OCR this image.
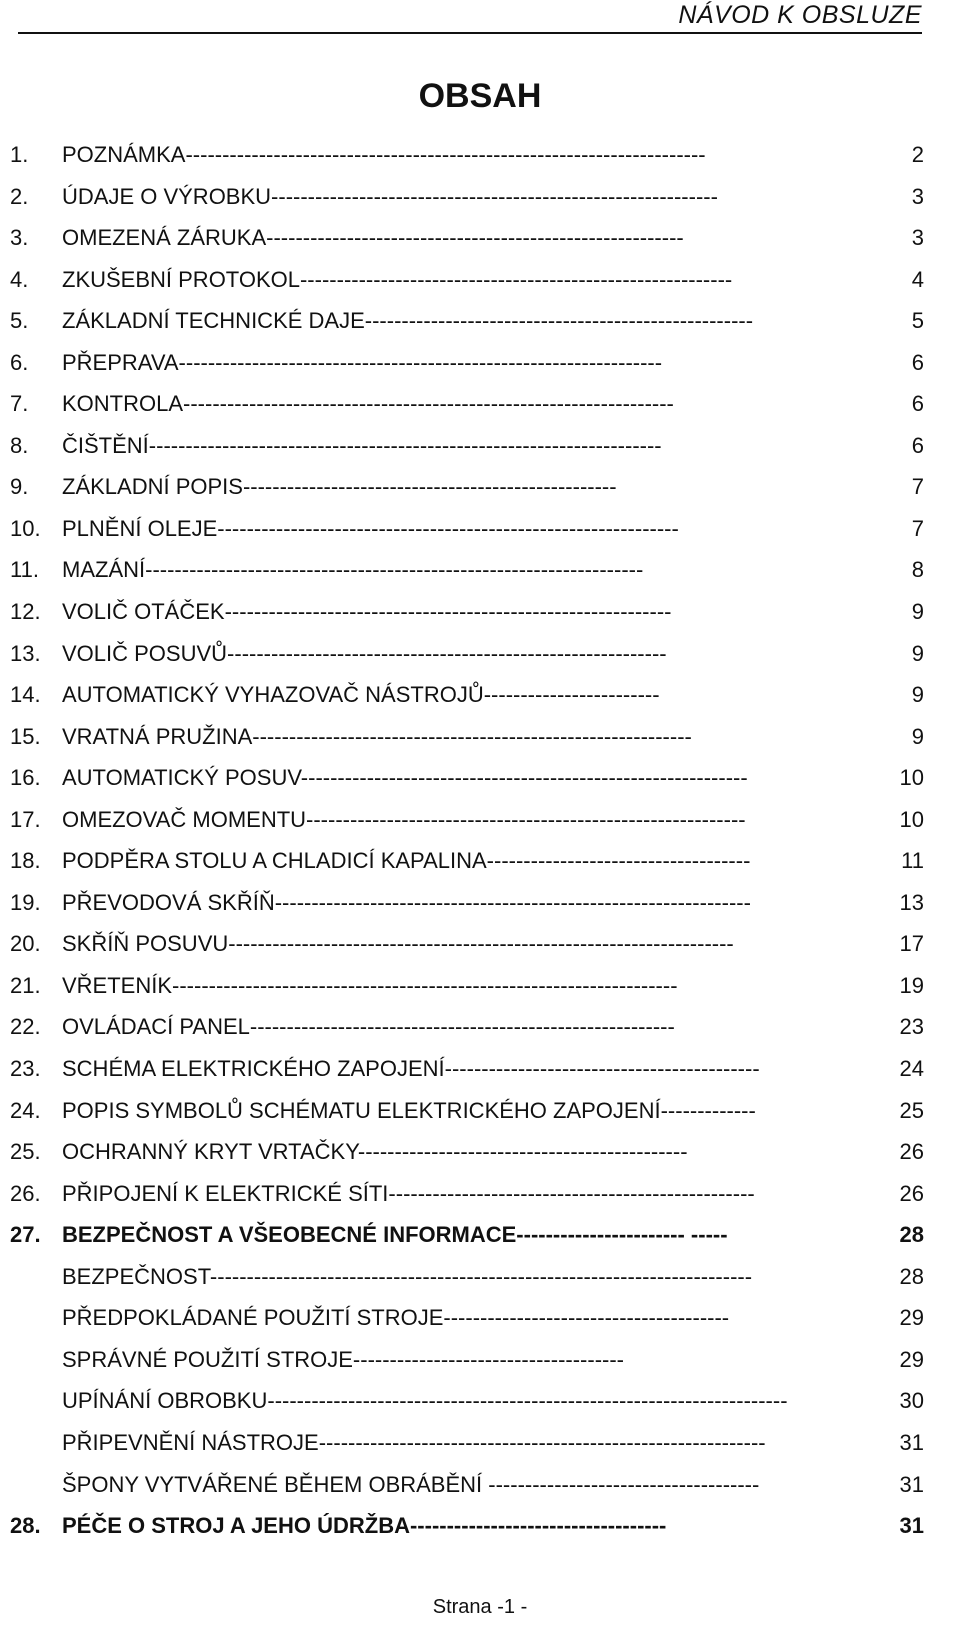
NÁVOD K OBSLUZE
OBSAH
1. POZNÁMKA-----------------------------------------------------------------------	2
2. ÚDAJE O VÝROBKU-------------------------------------------------------------	3
3. OMEZENÁ ZÁRUKA---------------------------------------------------------	3
4. ZKUŠEBNÍ PROTOKOL-----------------------------------------------------------	4
5. ZÁKLADNÍ TECHNICKÉ DAJE-----------------------------------------------------	5
6. PŘEPRAVA------------------------------------------------------------------	6
7. KONTROLA-------------------------------------------------------------------	6
8. ČIŠTĚNÍ----------------------------------------------------------------------	6
9. ZÁKLADNÍ POPIS---------------------------------------------------	7
10. PLNĚNÍ OLEJE---------------------------------------------------------------	7
11. MAZÁNÍ--------------------------------------------------------------------	8
12. VOLIČ OTÁČEK-------------------------------------------------------------	9
13. VOLIČ POSUVŮ------------------------------------------------------------	9
14. AUTOMATICKÝ VYHAZOVAČ NÁSTROJŮ------------------------	9
15. VRATNÁ PRUŽINA------------------------------------------------------------	9
16. AUTOMATICKÝ POSUV-------------------------------------------------------------	10
17. OMEZOVAČ MOMENTU------------------------------------------------------------	10
18. PODPĚRA STOLU A CHLADICÍ KAPALINA------------------------------------	11
19. PŘEVODOVÁ SKŘÍŇ-----------------------------------------------------------------	13
20. SKŘÍŇ POSUVU---------------------------------------------------------------------	17
21. VŘETENÍK---------------------------------------------------------------------	19
22. OVLÁDACÍ PANEL----------------------------------------------------------	23
23. SCHÉMA ELEKTRICKÉHO ZAPOJENÍ-------------------------------------------	24
24. POPIS SYMBOLŮ SCHÉMATU ELEKTRICKÉHO ZAPOJENÍ-------------	25
25. OCHRANNÝ KRYT VRTAČKY---------------------------------------------	26
26. PŘIPOJENÍ K ELEKTRICKÉ SÍTI--------------------------------------------------	26
27. BEZPEČNOST A VŠEOBECNÉ INFORMACE----------------------- -----	28
BEZPEČNOST--------------------------------------------------------------------------	28
PŘEDPOKLÁDANÉ POUŽITÍ STROJE---------------------------------------	29
SPRÁVNÉ POUŽITÍ STROJE-------------------------------------	29
UPÍNÁNÍ OBROBKU-----------------------------------------------------------------------	30
PŘIPEVNĚNÍ NÁSTROJE-------------------------------------------------------------	31
ŠPONY VYTVÁŘENÉ BĚHEM OBRÁBĚNÍ -------------------------------------	31
28. PÉČE O STROJ A JEHO ÚDRŽBA-----------------------------------	31
Strana -1 -
